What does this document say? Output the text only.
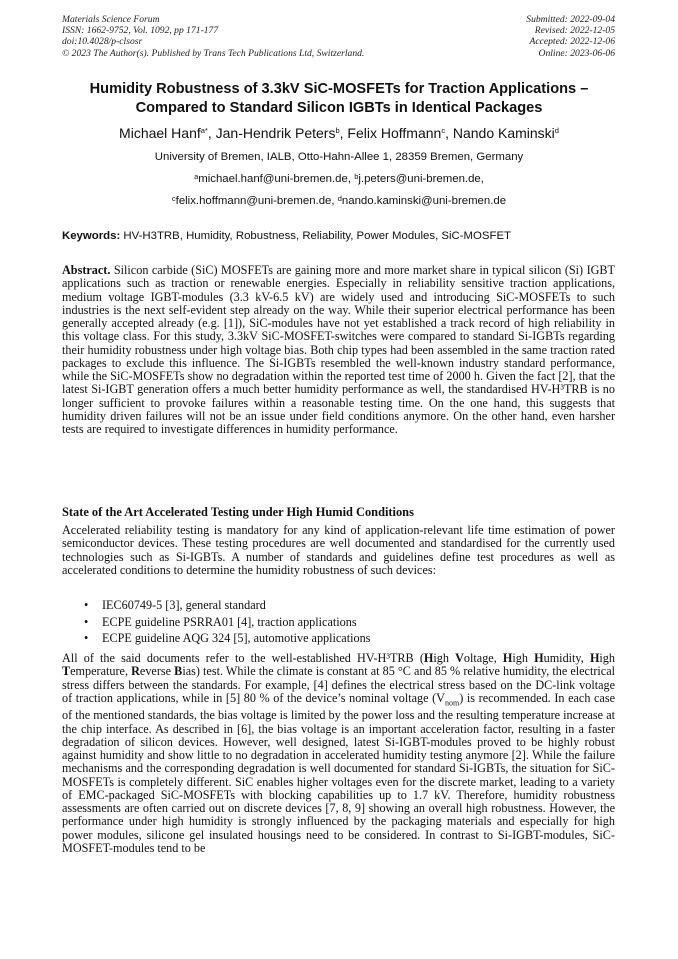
Materials Science Forum
ISSN: 1662-9752, Vol. 1092, pp 171-177
doi:10.4028/p-clsosr
© 2023 The Author(s). Published by Trans Tech Publications Ltd, Switzerland.
Submitted: 2022-09-04
Revised: 2022-12-05
Accepted: 2022-12-06
Online: 2023-06-06
Humidity Robustness of 3.3kV SiC-MOSFETs for Traction Applications –
Compared to Standard Silicon IGBTs in Identical Packages
Michael Hanf$^{a*}$, Jan-Hendrik Peters$^b$, Felix Hoffmann$^c$, Nando Kaminski$^d$
University of Bremen, IALB, Otto-Hahn-Allee 1, 28359 Bremen, Germany
$^a$michael.hanf@uni-bremen.de, $^b$j.peters@uni-bremen.de,
$^c$felix.hoffmann@uni-bremen.de, $^d$nando.kaminski@uni-bremen.de
Keywords: HV-H3TRB, Humidity, Robustness, Reliability, Power Modules, SiC-MOSFET
Abstract. Silicon carbide (SiC) MOSFETs are gaining more and more market share in typical silicon (Si) IGBT applications such as traction or renewable energies. Especially in reliability sensitive traction applications, medium voltage IGBT-modules (3.3 kV-6.5 kV) are widely used and introducing SiC-MOSFETs to such industries is the next self-evident step already on the way. While their superior electrical performance has been generally accepted already (e.g. [1]), SiC-modules have not yet established a track record of high reliability in this voltage class. For this study, 3.3kV SiC-MOSFET-switches were compared to standard Si-IGBTs regarding their humidity robustness under high voltage bias. Both chip types had been assembled in the same traction rated packages to exclude this influence. The Si-IGBTs resembled the well-known industry standard performance, while the SiC-MOSFETs show no degradation within the reported test time of 2000 h. Given the fact [2], that the latest Si-IGBT generation offers a much better humidity performance as well, the standardised HV-H³TRB is no longer sufficient to provoke failures within a reasonable testing time. On the one hand, this suggests that humidity driven failures will not be an issue under field conditions anymore. On the other hand, even harsher tests are required to investigate differences in humidity performance.
State of the Art Accelerated Testing under High Humid Conditions
Accelerated reliability testing is mandatory for any kind of application-relevant life time estimation of power semiconductor devices. These testing procedures are well documented and standardised for the currently used technologies such as Si-IGBTs. A number of standards and guidelines define test procedures as well as accelerated conditions to determine the humidity robustness of such devices:
• IEC60749-5 [3], general standard
• ECPE guideline PSRRA01 [4], traction applications
• ECPE guideline AQG 324 [5], automotive applications
All of the said documents refer to the well-established HV-H³TRB (High Voltage, High Humidity, High Temperature, Reverse Bias) test. While the climate is constant at 85 °C and 85 % relative humidity, the electrical stress differs between the standards. For example, [4] defines the electrical stress based on the DC-link voltage of traction applications, while in [5] 80 % of the device’s nominal voltage $(V_{nom})$ is recommended. In each case of the mentioned standards, the bias voltage is limited by the power loss and the resulting temperature increase at the chip interface. As described in [6], the bias voltage is an important acceleration factor, resulting in a faster degradation of silicon devices. However, well designed, latest Si-IGBT-modules proved to be highly robust against humidity and show little to no degradation in accelerated humidity testing anymore [2]. While the failure mechanisms and the corresponding degradation is well documented for standard Si-IGBTs, the situation for SiC-MOSFETs is completely different. SiC enables higher voltages even for the discrete market, leading to a variety of EMC-packaged SiC-MOSFETs with blocking capabilities up to 1.7 kV. Therefore, humidity robustness assessments are often carried out on discrete devices [7, 8, 9] showing an overall high robustness. However, the performance under high humidity is strongly influenced by the packaging materials and especially for high power modules, silicone gel insulated housings need to be considered. In contrast to Si-IGBT-modules, SiC-MOSFET-modules tend to be
